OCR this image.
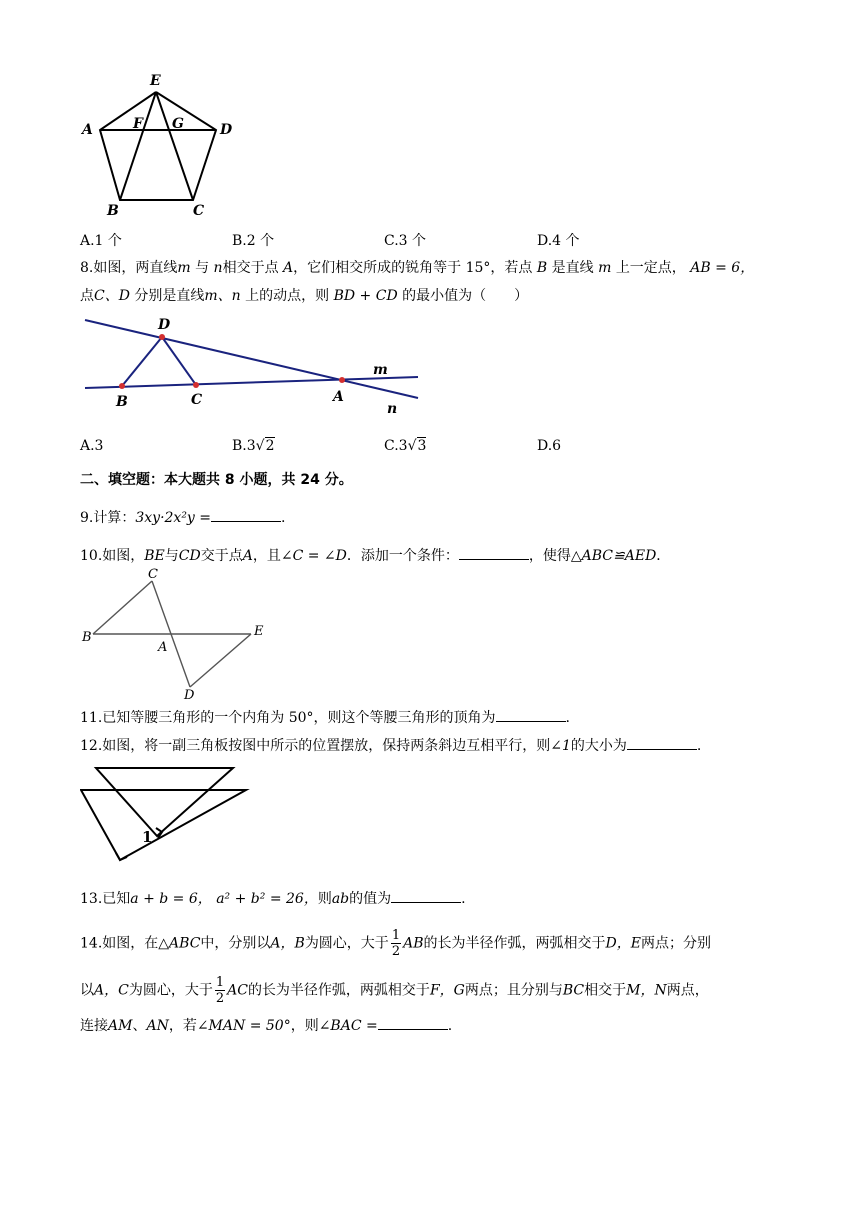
E
A	F G	D
B	C
A.1 个	B.2 个	C.3 个	D.4 个
8.如图，两直线m 与 n相交于点 A，它们相交所成的锐角等于 15°，若点 B 是直线 m 上一定点， AB = 6，
点C、D 分别是直线m、n 上的动点，则 BD + CD 的最小值为（　　）
D
B	C	A
m
n
A.3	B.3√2	C.3√3	D.6
二、填空题：本大题共 8 小题，共 24 分。
9.计算：3xy·2x²y =	.
10.如图，BE与CD交于点A，且∠C = ∠D．添加一个条件：	，使得△ABC≌AED．
C
B
A
E
D
11.已知等腰三角形的一个内角为 50°，则这个等腰三角形的顶角为	.
12.如图，将一副三角板按图中所示的位置摆放，保持两条斜边互相平行，则∠1的大小为	.
1
13.已知a + b = 6， a² + b² = 26，则ab的值为	.
14.如图，在△ABC中，分别以A，B为圆心，大于 $\frac{1}{2}$ AB的长为半径作弧，两弧相交于D，E两点；分别
以A，C为圆心，大于 $\frac{1}{2}$ AC的长为半径作弧，两弧相交于F，G两点；且分别与BC相交于M，N两点，
连接AM、AN，若∠MAN = 50°，则∠BAC =	.
